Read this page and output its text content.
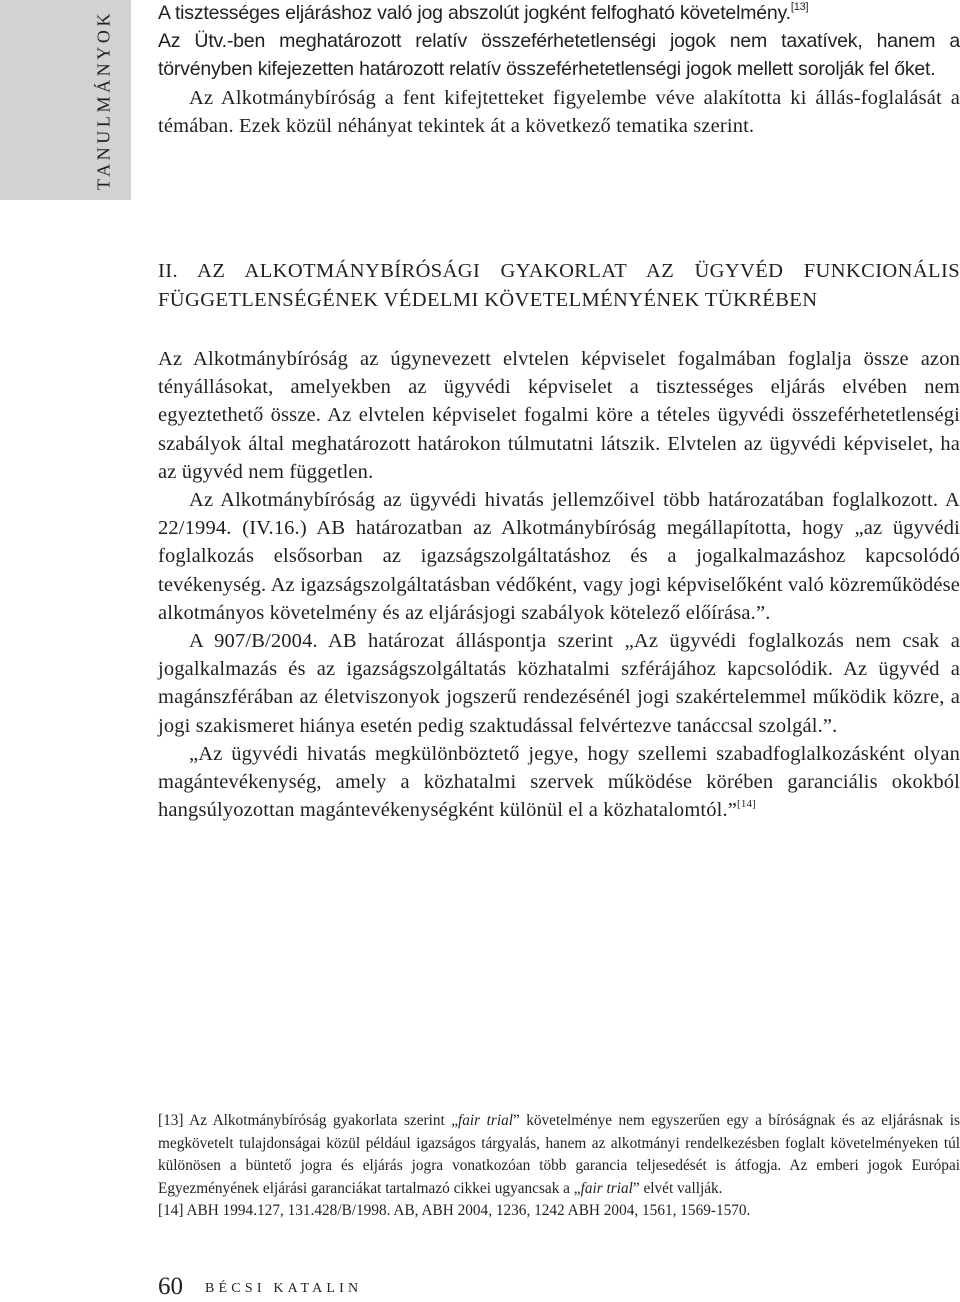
TANULMÁNYOK A tisztességes eljáráshoz való jog abszolút jogként felfogható követelmény.[13]

Az Ütv.-ben meghatározott relatív összeférhetetlenségi jogok nem taxatívek, hanem a törvényben kifejezetten határozott relatív összeférhetetlenségi jogok mellett sorolják fel őket.

Az Alkotmánybíróság a fent kifejtetteket figyelembe véve alakította ki állás-foglalását a témában. Ezek közül néhányat tekintek át a következő tematika szerint.

II. AZ ALKOTMÁNYBÍRÓSÁGI GYAKORLAT AZ ÜGYVÉD FUNKCIONÁLIS FÜGGETLENSÉGÉNEK VÉDELMI KÖVETELMÉNYÉNEK TÜKRÉBEN

Az Alkotmánybíróság az úgynevezett elvtelen képviselet fogalmában foglalja össze azon tényállásokat, amelyekben az ügyvédi képviselet a tisztességes eljárás elvében nem egyeztethető össze. Az elvtelen képviselet fogalmi köre a tételes ügyvédi összeférhetetlenségi szabályok által meghatározott határokon túlmutatni látszik. Elvtelen az ügyvédi képviselet, ha az ügyvéd nem független.

Az Alkotmánybíróság az ügyvédi hivatás jellemzőivel több határozatában foglalkozott. A 22/1994. (IV.16.) AB határozatban az Alkotmánybíróság megállapította, hogy „az ügyvédi foglalkozás elsősorban az igazságszolgáltatáshoz és a jogalkalmazáshoz kapcsolódó tevékenység. Az igazságszolgáltatásban védőként, vagy jogi képviselőként való közreműködése alkotmányos követelmény és az eljárásjogi szabályok kötelező előírása.”.

A 907/B/2004. AB határozat álláspontja szerint „Az ügyvédi foglalkozás nem csak a jogalkalmazás és az igazságszolgáltatás közhatalmi szférájához kapcsolódik. Az ügyvéd a magánszférában az életviszonyok jogszerű rendezésénél jogi szakértelemmel működik közre, a jogi szakismeret hiánya esetén pedig szaktudással felvértezve tanáccsal szolgál.”.

„Az ügyvédi hivatás megkülönböztető jegye, hogy szellemi szabadfoglalkozásként olyan magántevékenység, amely a közhatalmi szervek működése körében garanciális okokból hangsúlyozottan magántevékenységként különül el a közhatalomtól.”[14]

[13] Az Alkotmánybíróság gyakorlata szerint „fair trial” követelménye nem egyszerűen egy a bíróságnak és az eljárásnak is megkövetelt tulajdonságai közül például igazságos tárgyalás, hanem az alkotmányi rendelkezésben foglalt követelményeken túl különösen a büntető jogra és eljárás jogra vonatkozóan több garancia teljesedését is átfogja. Az emberi jogok Európai Egyezményének eljárási garanciákat tartalmazó cikkei ugyancsak a „fair trial” elvét vallják.

[14] ABH 1994.127, 131.428/B/1998. AB, ABH 2004, 1236, 1242 ABH 2004, 1561, 1569-1570.

60 BÉCSI KATALIN
